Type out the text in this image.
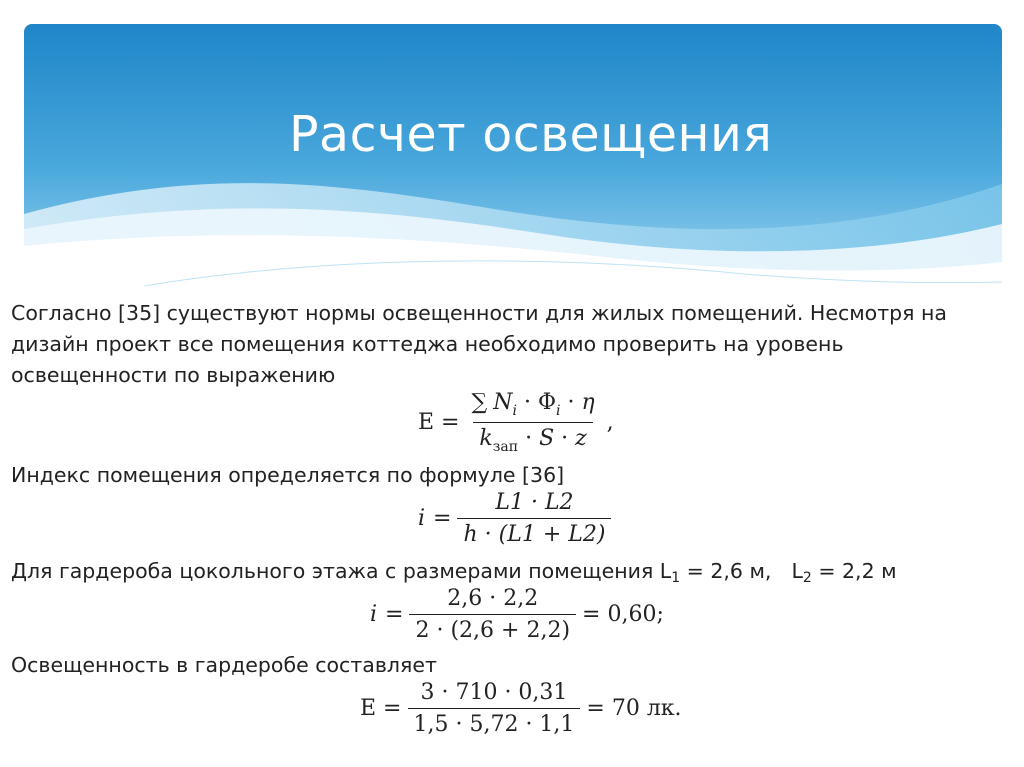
Расчет освещения
Согласно [35] существуют нормы освещенности для жилых помещений. Несмотря на
дизайн проект все помещения коттеджа необходимо проверить на уровень
освещенности по выражению
$E = \frac{\sum N_i \cdot \Phi_i \cdot \eta}{k_{зап} \cdot S \cdot z}$ ,
Индекс помещения определяется по формуле [36]
$i = \frac{L1 \cdot L2}{h \cdot (L1 + L2)}$
Для гардероба цокольного этажа с размерами помещения L1 = 2,6 м, L2 = 2,2 м
$i = \frac{2,6 \cdot 2,2}{2 \cdot (2,6 + 2,2)} = 0,60$;
Освещенность в гардеробе составляет
$E = \frac{3 \cdot 710 \cdot 0,31}{1,5 \cdot 5,72 \cdot 1,1} = 70$ лк.
